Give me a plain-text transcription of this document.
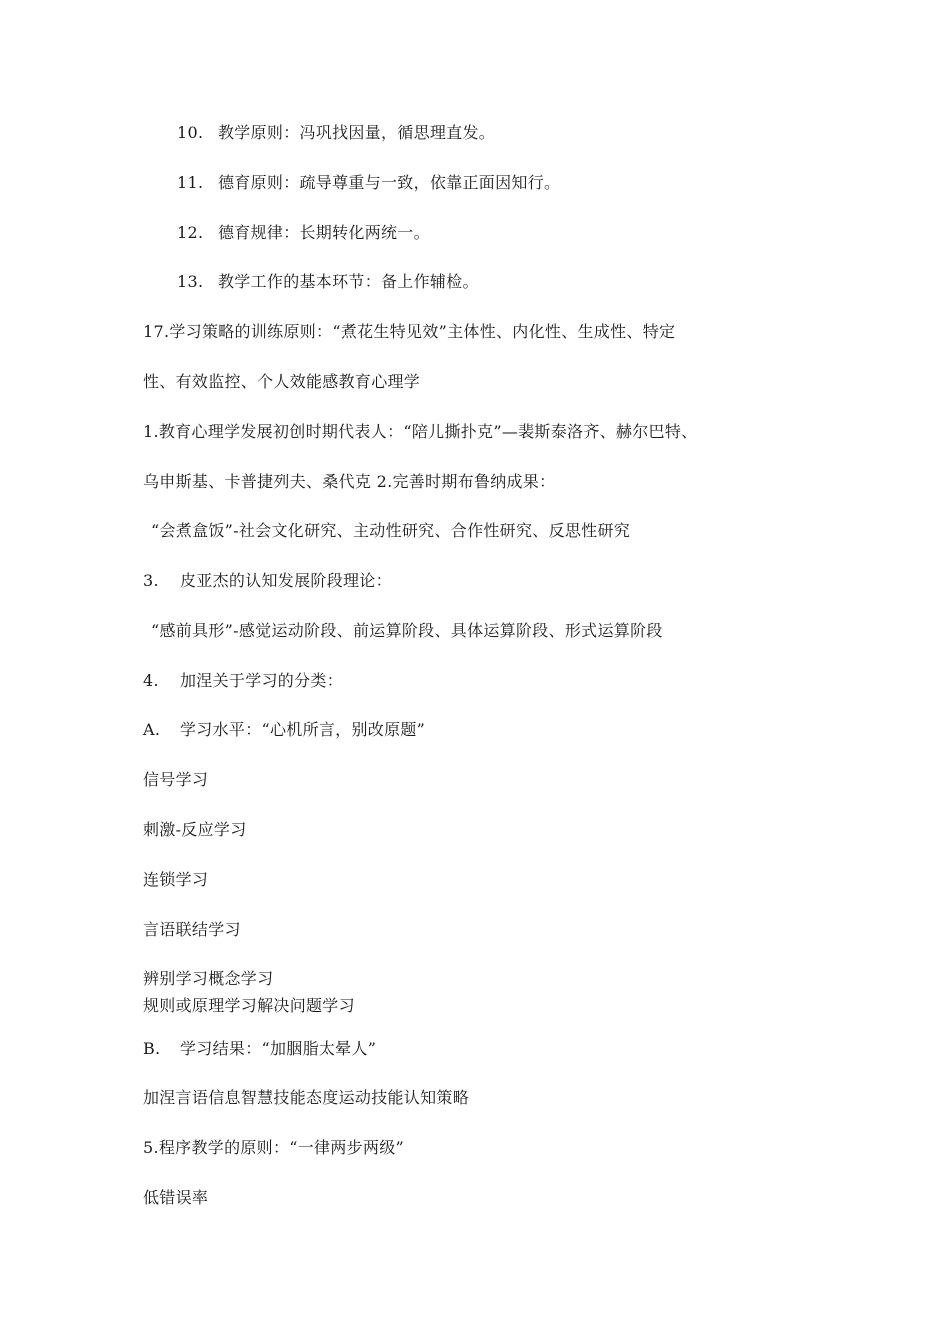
10. 教学原则：冯巩找因量，循思理直发。
11. 德育原则：疏导尊重与一致，依靠正面因知行。
12. 德育规律：长期转化两统一。
13. 教学工作的基本环节：备上作辅检。
17.学习策略的训练原则：“煮花生特见效”主体性、内化性、生成性、特定
性、有效监控、个人效能感教育心理学
1.教育心理学发展初创时期代表人：“陪儿撕扑克”—裴斯泰洛齐、赫尔巴特、
乌申斯基、卡普捷列夫、桑代克 2.完善时期布鲁纳成果：
“会煮盒饭”-社会文化研究、主动性研究、合作性研究、反思性研究
3. 皮亚杰的认知发展阶段理论：
“感前具形”-感觉运动阶段、前运算阶段、具体运算阶段、形式运算阶段
4. 加涅关于学习的分类：
A. 学习水平：“心机所言，别改原题”
信号学习
刺激-反应学习
连锁学习
言语联结学习
辨别学习概念学习
规则或原理学习解决问题学习
B. 学习结果：“加胭脂太晕人”
加涅言语信息智慧技能态度运动技能认知策略
5.程序教学的原则：“一律两步两级”
低错误率
